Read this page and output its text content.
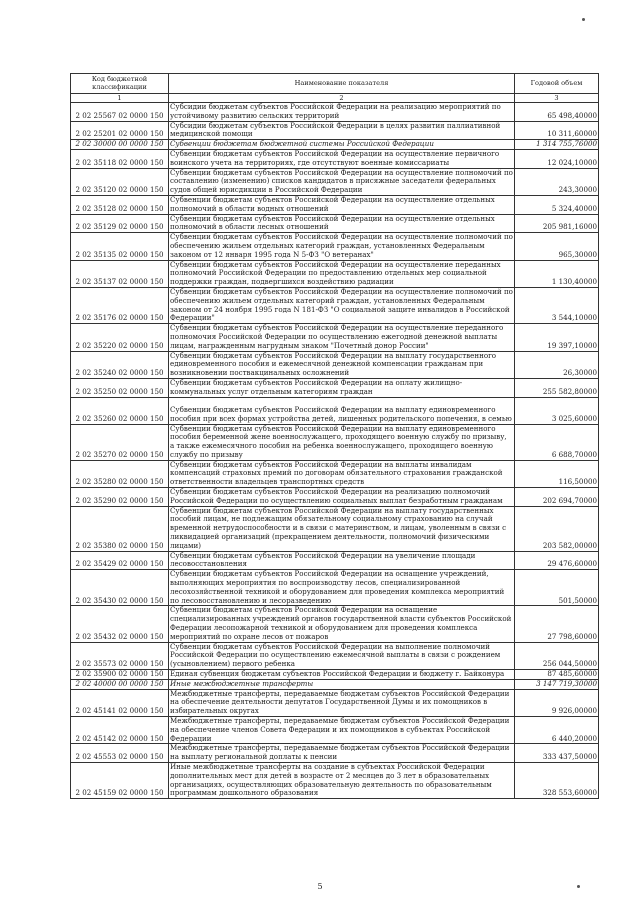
Код бюджетной классификации	Наименование показателя	Годовой объем
1	2	3
2 02 25567 02 0000 150	Субсидии бюджетам субъектов Российской Федерации на реализацию мероприятий по устойчивому развитию сельских территорий	65 498,40000
2 02 25201 02 0000 150	Субсидии бюджетам субъектов Российской Федерации в целях развития паллиативной медицинской помощи	10 311,60000
2 02 30000 00 0000 150	Субвенции бюджетам бюджетной системы Российской Федерации	1 314 755,76000
2 02 35118 02 0000 150	Субвенции бюджетам субъектов Российской Федерации на осуществление первичного воинского учета на территориях, где отсутствуют военные комиссариаты	12 024,10000
2 02 35120 02 0000 150	Субвенции бюджетам субъектов Российской Федерации на осуществление полномочий по составлению (изменению) списков кандидатов в присяжные заседатели федеральных судов общей юрисдикции в Российской Федерации	243,30000
2 02 35128 02 0000 150	Субвенции бюджетам субъектов Российской Федерации на осуществление отдельных полномочий в области водных отношений	5 324,40000
2 02 35129 02 0000 150	Субвенции бюджетам субъектов Российской Федерации на осуществление отдельных полномочий в области лесных отношений	205 981,16000
2 02 35135 02 0000 150	Субвенции бюджетам субъектов Российской Федерации на осуществление полномочий по обеспечению жильем отдельных категорий граждан, установленных Федеральным законом от 12 января 1995 года N 5-ФЗ "О ветеранах"	965,30000
2 02 35137 02 0000 150	Субвенции бюджетам субъектов Российской Федерации на осуществление переданных полномочий Российской Федерации по предоставлению отдельных мер социальной поддержки граждан, подвергшихся воздействию радиации	1 130,40000
2 02 35176 02 0000 150	Субвенции бюджетам субъектов Российской Федерации на осуществление полномочий по обеспечению жильем отдельных категорий граждан, установленных Федеральным законом от 24 ноября 1995 года N 181-ФЗ "О социальной защите инвалидов в Российской Федерации"	3 544,10000
2 02 35220 02 0000 150	Субвенции бюджетам субъектов Российской Федерации на осуществление переданного полномочия Российской Федерации по осуществлению ежегодной денежной выплаты лицам, награжденным нагрудным знаком "Почетный донор России"	19 397,10000
2 02 35240 02 0000 150	Субвенции бюджетам субъектов Российской Федерации на выплату государственного единовременного пособия и ежемесячной денежной компенсации гражданам при возникновении поствакцинальных осложнений	26,30000
2 02 35250 02 0000 150	Субвенции бюджетам субъектов Российской Федерации на оплату жилищно-коммунальных услуг отдельным категориям граждан	255 582,80000
2 02 35260 02 0000 150	Субвенции бюджетам субъектов Российской Федерации на выплату единовременного пособия при всех формах устройства детей, лишенных родительского попечения, в семью	3 025,60000
2 02 35270 02 0000 150	Субвенции бюджетам субъектов Российской Федерации на выплату единовременного пособия беременной жене военнослужащего, проходящего военную службу по призыву, а также ежемесячного пособия на ребенка военнослужащего, проходящего военную службу по призыву	6 688,70000
2 02 35280 02 0000 150	Субвенции бюджетам субъектов Российской Федерации на выплаты инвалидам компенсаций страховых премий по договорам обязательного страхования гражданской ответственности владельцев транспортных средств	116,50000
2 02 35290 02 0000 150	Субвенции бюджетам субъектов Российской Федерации на реализацию полномочий Российской Федерации по осуществлению социальных выплат безработным гражданам	202 694,70000
2 02 35380 02 0000 150	Субвенции бюджетам субъектов Российской Федерации на выплату государственных пособий лицам, не подлежащим обязательному социальному страхованию на случай временной нетрудоспособности и в связи с материнством, и лицам, уволенным в связи с ликвидацией организаций (прекращением деятельности, полномочий физическими лицами)	203 582,00000
2 02 35429 02 0000 150	Субвенции бюджетам субъектов Российской Федерации на увеличение площади лесовосстановления	29 476,60000
2 02 35430 02 0000 150	Субвенции бюджетам субъектов Российской Федерации на оснащение учреждений, выполняющих мероприятия по воспроизводству лесов, специализированной лесохозяйственной техникой и оборудованием для проведения комплекса мероприятий по лесовосстановлению и лесоразведению	501,50000
2 02 35432 02 0000 150	Субвенции бюджетам субъектов Российской Федерации на оснащение специализированных учреждений органов государственной власти субъектов Российской Федерации лесопожарной техникой и оборудованием для проведения комплекса мероприятий по охране лесов от пожаров	27 798,60000
2 02 35573 02 0000 150	Субвенции бюджетам субъектов Российской Федерации на выполнение полномочий Российской Федерации по осуществлению ежемесячной выплаты в связи с рождением (усыновлением) первого ребенка	256 044,50000
2 02 35900 02 0000 150	Единая субвенция бюджетам субъектов Российской Федерации и бюджету г. Байконура	87 485,60000
2 02 40000 00 0000 150	Иные межбюджетные трансферты	3 147 719,30000
2 02 45141 02 0000 150	Межбюджетные трансферты, передаваемые бюджетам субъектов Российской Федерации на обеспечение деятельности депутатов Государственной Думы и их помощников в избирательных округах	9 926,00000
2 02 45142 02 0000 150	Межбюджетные трансферты, передаваемые бюджетам субъектов Российской Федерации на обеспечение членов Совета Федерации и их помощников в субъектах Российской Федерации	6 440,20000
2 02 45553 02 0000 150	Межбюджетные трансферты, передаваемые бюджетам субъектов Российской Федерации на выплату региональной доплаты к пенсии	333 437,50000
2 02 45159 02 0000 150	Иные межбюджетные трансферты на создание в субъектах Российской Федерации дополнительных мест для детей в возрасте от 2 месяцев до 3 лет в образовательных организациях, осуществляющих образовательную деятельность по образовательным программам дошкольного образования	328 553,60000
5
